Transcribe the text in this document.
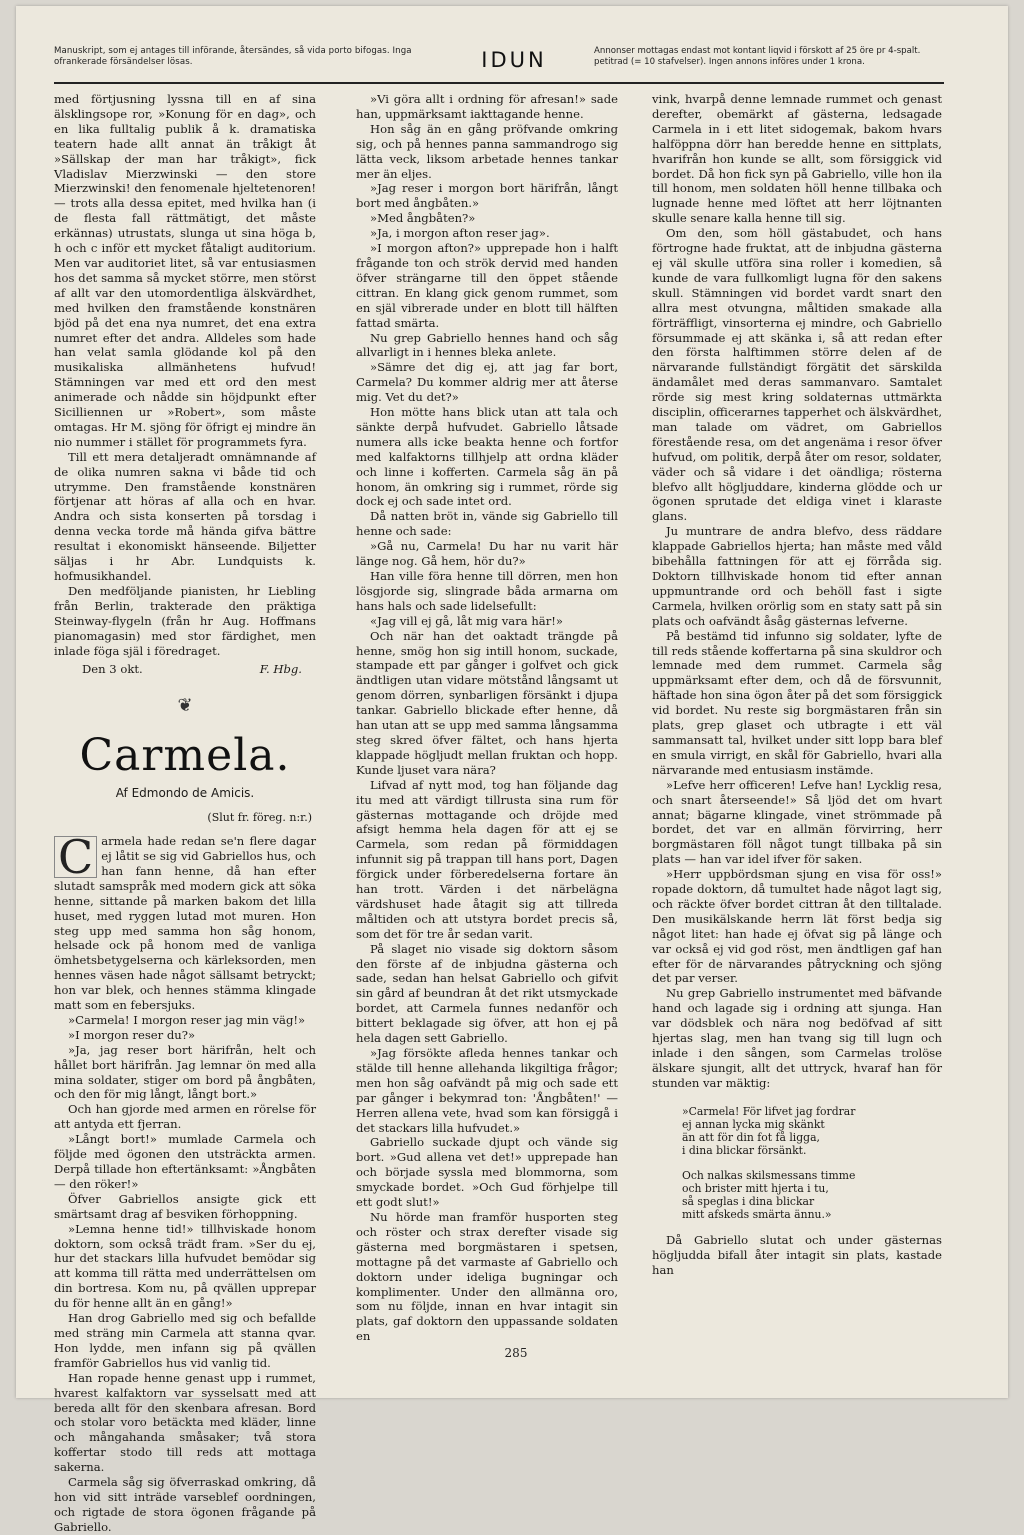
Manuskript, som ej antages till införande, återsändes, så vida porto bifogas. Inga ofrankerade försändelser lösas.	IDUN	Annonser mottagas endast mot kontant liqvid i förskott af 25 öre pr 4-spalt. petitrad (= 10 stafvelser). Ingen annons införes under 1 krona.

med förtjusning lyssna till en af sina älsklingsope ror, »Konung för en dag», och en lika fulltalig publik å k. dramatiska teatern hade allt annat än tråkigt åt »Sällskap der man har tråkigt», fick Vladislav Mierzwinski — den store Mierzwinski! den fenomenale hjeltetenoren! — trots alla dessa epitet, med hvilka han (i de flesta fall rättmätigt, det måste erkännas) utrustats, slunga ut sina höga b, h och c inför ett mycket fåtaligt auditorium. Men var auditoriet litet, så var entusiasmen hos det samma så mycket större, men störst af allt var den utomordentliga älskvärdhet, med hvilken den framstående konstnären bjöd på det ena nya numret, det ena extra numret efter det andra. Alldeles som hade han velat samla glödande kol på den musikaliska allmänhetens hufvud! Stämningen var med ett ord den mest animerade och nådde sin höjdpunkt efter Sicilliennen ur »Robert», som måste omtagas. Hr M. sjöng för öfrigt ej mindre än nio nummer i stället för programmets fyra.

Till ett mera detaljeradt omnämnande af de olika numren sakna vi både tid och utrymme. Den framstående konstnären förtjenar att höras af alla och en hvar. Andra och sista konserten på torsdag i denna vecka torde må hända gifva bättre resultat i ekonomiskt hänseende. Biljetter säljas i hr Abr. Lundquists k. hofmusikhandel.

Den medföljande pianisten, hr Liebling från Berlin, trakterade den präktiga Steinway-flygeln (från hr Aug. Hoffmans pianomagasin) med stor färdighet, men inlade föga själ i föredraget.

Den 3 okt.	F. Hbg.
❦
Carmela.
Af Edmondo de Amicis.
(Slut fr. föreg. n:r.)

C armela hade redan se'n flere dagar ej låtit se sig vid Gabriellos hus, och han fann henne, då han efter slutadt samspråk med modern gick att söka henne, sittande på marken bakom det lilla huset, med ryggen lutad mot muren. Hon steg upp med samma hon såg honom, helsade ock på honom med de vanliga ömhetsbetygelserna och kärleksorden, men hennes väsen hade något sällsamt betryckt; hon var blek, och hennes stämma klingade matt som en febersjuks.

»Carmela! I morgon reser jag min väg!»

»I morgon reser du?»

»Ja, jag reser bort härifrån, helt och hållet bort härifrån. Jag lemnar ön med alla mina soldater, stiger om bord på ångbåten, och den för mig långt, långt bort.»

Och han gjorde med armen en rörelse för att antyda ett fjerran.

»Långt bort!» mumlade Carmela och följde med ögonen den utsträckta armen. Derpå tillade hon eftertänksamt: »Ångbåten — den röker!»

Öfver Gabriellos ansigte gick ett smärtsamt drag af besviken förhoppning.

»Lemna henne tid!» tillhviskade honom doktorn, som också trädt fram. »Ser du ej, hur det stackars lilla hufvudet bemödar sig att komma till rätta med underrättelsen om din bortresa. Kom nu, på qvällen upprepar du för henne allt än en gång!»

Han drog Gabriello med sig och befallde med sträng min Carmela att stanna qvar. Hon lydde, men infann sig på qvällen framför Gabriellos hus vid vanlig tid.

Han ropade henne genast upp i rummet, hvarest kalfaktorn var sysselsatt med att bereda allt för den skenbara afresan. Bord och stolar voro betäckta med kläder, linne och mångahanda småsaker; två stora koffertar stodo till reds att mottaga sakerna.

Carmela såg sig öfverraskad omkring, då hon vid sitt inträde varseblef oordningen, och rigtade de stora ögonen frågande på Gabriello.

»Vi göra allt i ordning för afresan!» sade han, uppmärksamt iakttagande henne.

Hon såg än en gång pröfvande omkring sig, och på hennes panna sammandrogo sig lätta veck, liksom arbetade hennes tankar mer än eljes.

»Jag reser i morgon bort härifrån, långt bort med ångbåten.»

»Med ångbåten?»

»Ja, i morgon afton reser jag».

»I morgon afton?» upprepade hon i halft frågande ton och strök dervid med handen öfver strängarne till den öppet stående cittran. En klang gick genom rummet, som en själ vibrerade under en blott till hälften fattad smärta.

Nu grep Gabriello hennes hand och såg allvarligt in i hennes bleka anlete.

»Sämre det dig ej, att jag far bort, Carmela? Du kommer aldrig mer att återse mig. Vet du det?»

Hon mötte hans blick utan att tala och sänkte derpå hufvudet. Gabriello låtsade numera alls icke beakta henne och fortfor med kalfaktorns tillhjelp att ordna kläder och linne i kofferten. Carmela såg än på honom, än omkring sig i rummet, rörde sig dock ej och sade intet ord.

Då natten bröt in, vände sig Gabriello till henne och sade:

»Gå nu, Carmela! Du har nu varit här länge nog. Gå hem, hör du?»

Han ville föra henne till dörren, men hon lösgjorde sig, slingrade båda armarna om hans hals och sade lidelsefullt:

«Jag vill ej gå, låt mig vara här!»

Och när han det oaktadt trängde på henne, smög hon sig intill honom, suckade, stampade ett par gånger i golfvet och gick ändtligen utan vidare mötstånd långsamt ut genom dörren, synbarligen försänkt i djupa tankar. Gabriello blickade efter henne, då han utan att se upp med samma långsamma steg skred öfver fältet, och hans hjerta klappade högljudt mellan fruktan och hopp. Kunde ljuset vara nära?

Lifvad af nytt mod, tog han följande dag itu med att värdigt tillrusta sina rum för gästernas mottagande och dröjde med afsigt hemma hela dagen för att ej se Carmela, som redan på förmiddagen infunnit sig på trappan till hans port, Dagen förgick under förberedelserna fortare än han trott. Värden i det närbelägna värdshuset hade åtagit sig att tillreda måltiden och att utstyra bordet precis så, som det för tre år sedan varit.

På slaget nio visade sig doktorn såsom den förste af de inbjudna gästerna och sade, sedan han helsat Gabriello och gifvit sin gård af beundran åt det rikt utsmyckade bordet, att Carmela funnes nedanför och bittert beklagade sig öfver, att hon ej på hela dagen sett Gabriello.

»Jag försökte afleda hennes tankar och stälde till henne allehanda likgiltiga frågor; men hon såg oafvändt på mig och sade ett par gånger i bekymrad ton: 'Ångbåten!' — Herren allena vete, hvad som kan försiggå i det stackars lilla hufvudet.»

Gabriello suckade djupt och vände sig bort. »Gud allena vet det!» upprepade han och började syssla med blommorna, som smyckade bordet. »Och Gud förhjelpe till ett godt slut!»

Nu hörde man framför husporten steg och röster och strax derefter visade sig gästerna med borgmästaren i spetsen, mottagne på det varmaste af Gabriello och doktorn under ideliga bugningar och komplimenter. Under den allmänna oro, som nu följde, innan en hvar intagit sin plats, gaf doktorn den uppassande soldaten en

vink, hvarpå denne lemnade rummet och genast derefter, obemärkt af gästerna, ledsagade Carmela in i ett litet sidogemak, bakom hvars halföppna dörr han beredde henne en sittplats, hvarifrån hon kunde se allt, som försiggick vid bordet. Då hon fick syn på Gabriello, ville hon ila till honom, men soldaten höll henne tillbaka och lugnade henne med löftet att herr löjtnanten skulle senare kalla henne till sig.

Om den, som höll gästabudet, och hans förtrogne hade fruktat, att de inbjudna gästerna ej väl skulle utföra sina roller i komedien, så kunde de vara fullkomligt lugna för den sakens skull. Stämningen vid bordet vardt snart den allra mest otvungna, måltiden smakade alla förträffligt, vinsorterna ej mindre, och Gabriello försummade ej att skänka i, så att redan efter den första halftimmen större delen af de närvarande fullständigt förgätit det särskilda ändamålet med deras sammanvaro. Samtalet rörde sig mest kring soldaternas uttmärkta disciplin, officerarnes tapperhet och älskvärdhet, man talade om vädret, om Gabriellos förestående resa, om det angenäma i resor öfver hufvud, om politik, derpå åter om resor, soldater, väder och så vidare i det oändliga; rösterna blefvo allt högljuddare, kinderna glödde och ur ögonen sprutade det eldiga vinet i klaraste glans.

Ju muntrare de andra blefvo, dess räddare klappade Gabriellos hjerta; han måste med våld bibehålla fattningen för att ej förråda sig. Doktorn tillhviskade honom tid efter annan uppmuntrande ord och behöll fast i sigte Carmela, hvilken orörlig som en staty satt på sin plats och oafvändt åsåg gästernas lefverne.

På bestämd tid infunno sig soldater, lyfte de till reds stående koffertarna på sina skuldror och lemnade med dem rummet. Carmela såg uppmärksamt efter dem, och då de försvunnit, häftade hon sina ögon åter på det som försiggick vid bordet. Nu reste sig borgmästaren från sin plats, grep glaset och utbragte i ett väl sammansatt tal, hvilket under sitt lopp bara blef en smula virrigt, en skål för Gabriello, hvari alla närvarande med entusiasm instämde.

»Lefve herr officeren! Lefve han! Lycklig resa, och snart återseende!» Så ljöd det om hvart annat; bägarne klingade, vinet strömmade på bordet, det var en allmän förvirring, herr borgmästaren föll något tungt tillbaka på sin plats — han var idel ifver för saken.

»Herr uppbördsman sjung en visa för oss!» ropade doktorn, då tumultet hade något lagt sig, och räckte öfver bordet cittran åt den tilltalade. Den musikälskande herrn lät först bedja sig något litet: han hade ej öfvat sig på länge och var också ej vid god röst, men ändtligen gaf han efter för de närvarandes påtryckning och sjöng det par verser.

Nu grep Gabriello instrumentet med bäfvande hand och lagade sig i ordning att sjunga. Han var dödsblek och nära nog bedöfvad af sitt hjertas slag, men han tvang sig till lugn och inlade i den sången, som Carmelas trolöse älskare sjungit, allt det uttryck, hvaraf han för stunden var mäktig:

»Carmela! För lifvet jag fordrar
ej annan lycka mig skänkt
än att för din fot få ligga,
i dina blickar försänkt.
Och nalkas skilsmessans timme
och brister mitt hjerta i tu,
så speglas i dina blickar
mitt afskeds smärta ännu.»

Då Gabriello slutat och under gästernas högljudda bifall åter intagit sin plats, kastade han

285
